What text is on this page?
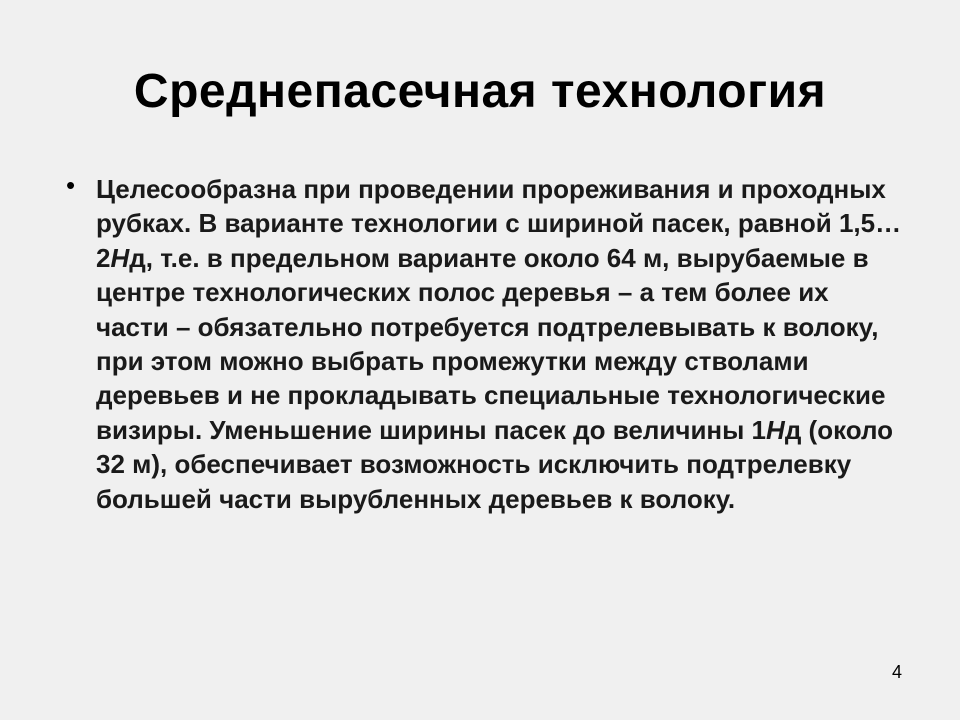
Среднепасечная технология
• Целесообразна при проведении прореживания и проходных рубках. В варианте технологии с шириной пасек, равной 1,5…2Нд, т.е. в предельном варианте около 64 м, вырубаемые в центре технологических полос деревья – а тем более их части – обязательно потребуется подтрелевывать к волоку, при этом можно выбрать промежутки между стволами деревьев и не прокладывать специальные технологические визиры. Уменьшение ширины пасек до величины 1Нд (около 32 м), обеспечивает возможность исключить подтрелевку большей части вырубленных деревьев к волоку.
4
